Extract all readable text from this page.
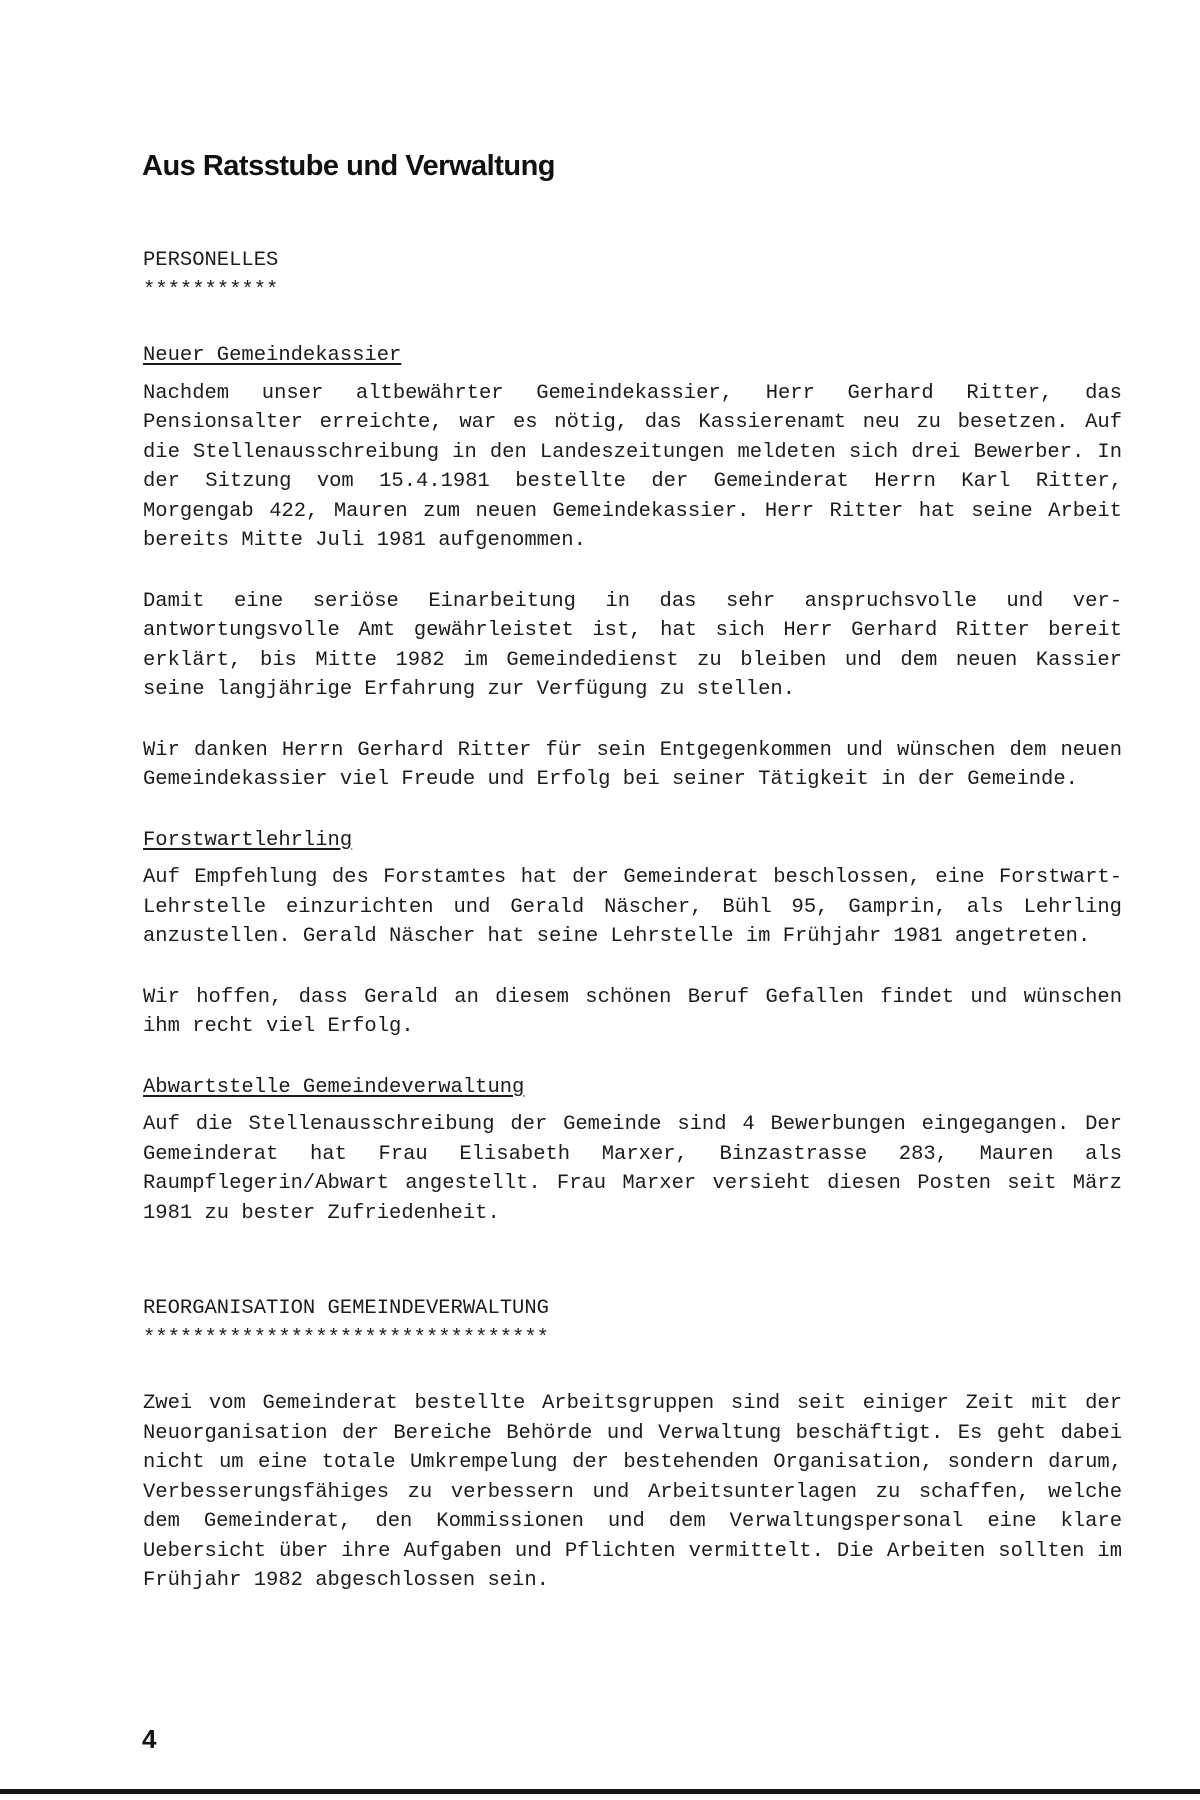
Aus Ratsstube und Verwaltung

PERSONELLES

***********

Neuer Gemeindekassier

Nachdem unser altbewährter Gemeindekassier, Herr Gerhard Ritter, das Pensionsalter erreichte, war es nötig, das Kassierenamt neu zu besetzen. Auf die Stellenausschreibung in den Landeszeitungen meldeten sich drei Bewerber. In der Sitzung vom 15.4.1981 bestellte der Gemeinderat Herrn Karl Ritter, Morgengab 422, Mauren zum neuen Gemeindekassier. Herr Ritter hat seine Arbeit bereits Mitte Juli 1981 aufgenommen.

Damit eine seriöse Einarbeitung in das sehr anspruchsvolle und verantwortungsvolle Amt gewährleistet ist, hat sich Herr Gerhard Ritter bereit erklärt, bis Mitte 1982 im Gemeindedienst zu bleiben und dem neuen Kassier seine langjährige Erfahrung zur Verfügung zu stellen.

Wir danken Herrn Gerhard Ritter für sein Entgegenkommen und wünschen dem neuen Gemeindekassier viel Freude und Erfolg bei seiner Tätigkeit in der Gemeinde.

Forstwartlehrling

Auf Empfehlung des Forstamtes hat der Gemeinderat beschlossen, eine Forstwart-Lehrstelle einzurichten und Gerald Näscher, Bühl 95, Gamprin, als Lehrling anzustellen. Gerald Näscher hat seine Lehrstelle im Frühjahr 1981 angetreten.

Wir hoffen, dass Gerald an diesem schönen Beruf Gefallen findet und wünschen ihm recht viel Erfolg.

Abwartstelle Gemeindeverwaltung

Auf die Stellenausschreibung der Gemeinde sind 4 Bewerbungen eingegangen. Der Gemeinderat hat Frau Elisabeth Marxer, Binzastrasse 283, Mauren als Raumpflegerin/Abwart angestellt. Frau Marxer versieht diesen Posten seit März 1981 zu bester Zufriedenheit.

REORGANISATION GEMEINDEVERWALTUNG

*********************************

Zwei vom Gemeinderat bestellte Arbeitsgruppen sind seit einiger Zeit mit der Neuorganisation der Bereiche Behörde und Verwaltung beschäftigt. Es geht dabei nicht um eine totale Umkrempelung der bestehenden Organisation, sondern darum, Verbesserungsfähiges zu verbessern und Arbeitsunterlagen zu schaffen, welche dem Gemeinderat, den Kommissionen und dem Verwaltungspersonal eine klare Uebersicht über ihre Aufgaben und Pflichten vermittelt. Die Arbeiten sollten im Frühjahr 1982 abgeschlossen sein.

4
